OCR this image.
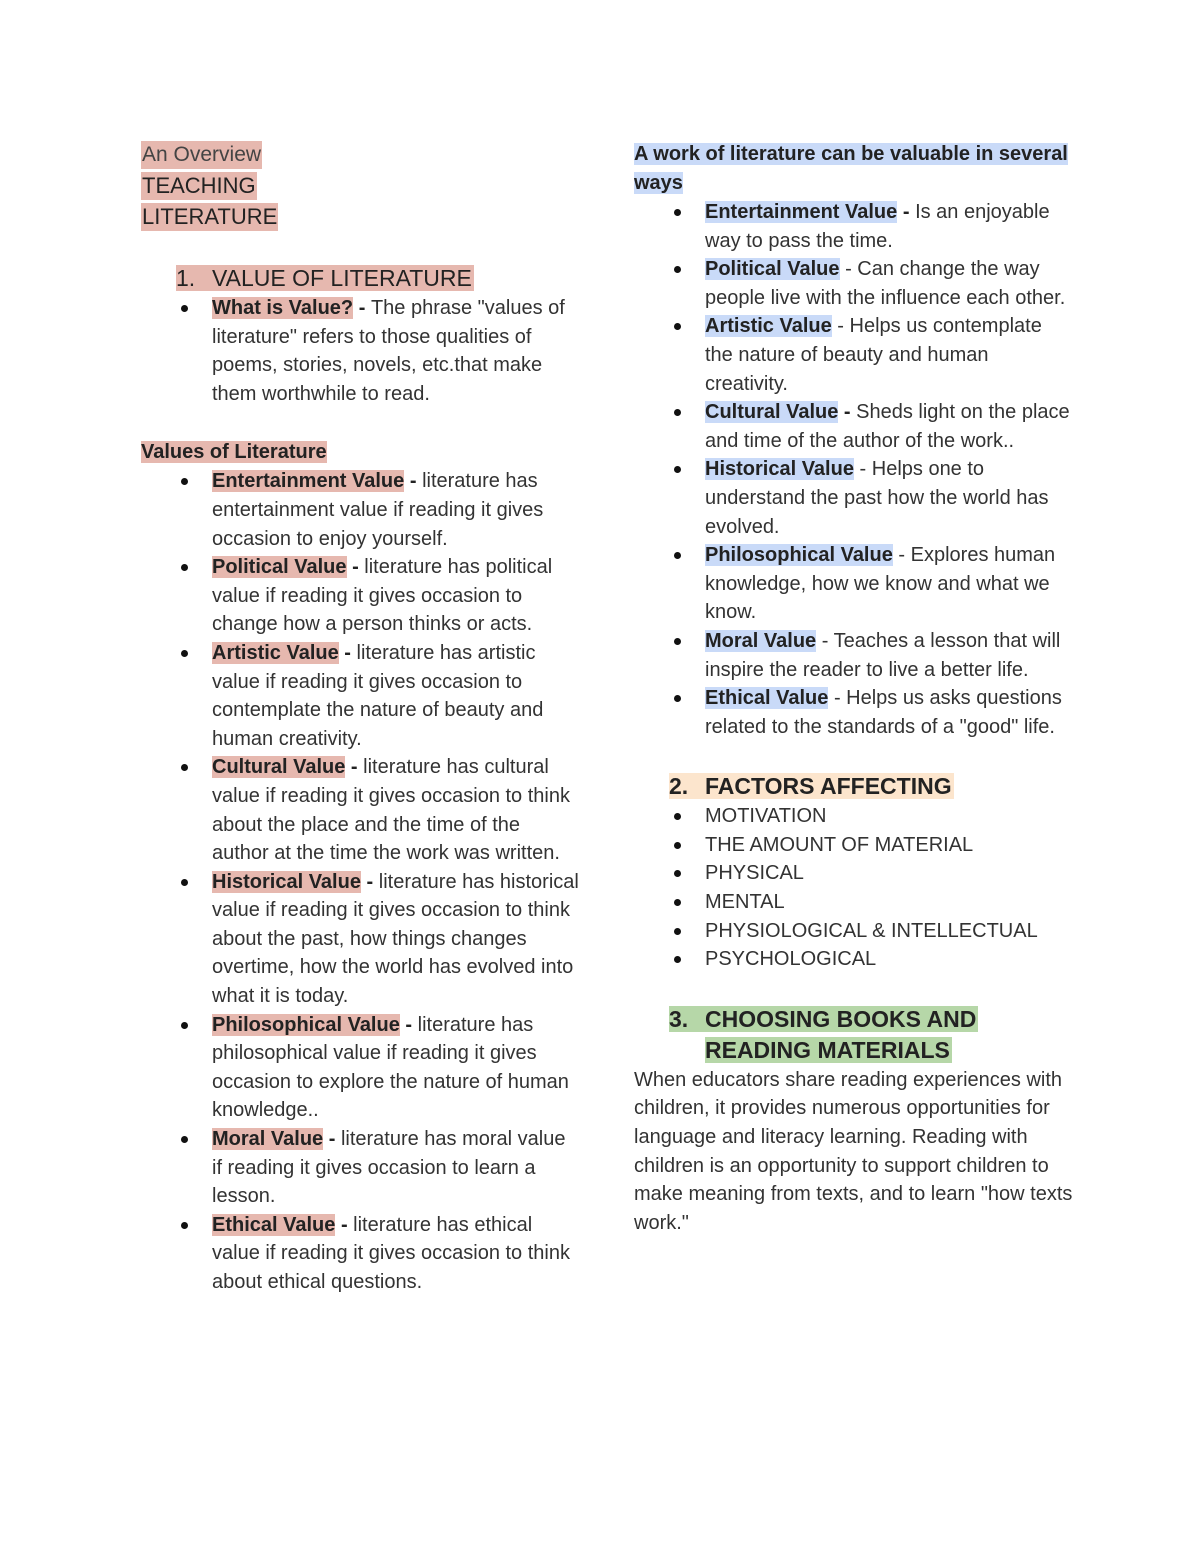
An Overview
TEACHING
LITERATURE
1. VALUE OF LITERATURE
What is Value? - The phrase "values of literature" refers to those qualities of poems, stories, novels, etc.that make them worthwhile to read.
Values of Literature
Entertainment Value - literature has entertainment value if reading it gives occasion to enjoy yourself.
Political Value - literature has political value if reading it gives occasion to change how a person thinks or acts.
Artistic Value - literature has artistic value if reading it gives occasion to contemplate the nature of beauty and human creativity.
Cultural Value - literature has cultural value if reading it gives occasion to think about the place and the time of the author at the time the work was written.
Historical Value - literature has historical value if reading it gives occasion to think about the past, how things changes overtime, how the world has evolved into what it is today.
Philosophical Value - literature has philosophical value if reading it gives occasion to explore the nature of human knowledge..
Moral Value - literature has moral value if reading it gives occasion to learn a lesson.
Ethical Value - literature has ethical value if reading it gives occasion to think about ethical questions.
A work of literature can be valuable in several ways
Entertainment Value - Is an enjoyable way to pass the time.
Political Value - Can change the way people live with the influence each other.
Artistic Value - Helps us contemplate the nature of beauty and human creativity.
Cultural Value - Sheds light on the place and time of the author of the work..
Historical Value - Helps one to understand the past how the world has evolved.
Philosophical Value - Explores human knowledge, how we know and what we know.
Moral Value - Teaches a lesson that will inspire the reader to live a better life.
Ethical Value - Helps us asks questions related to the standards of a "good" life.
2. FACTORS AFFECTING
MOTIVATION
THE AMOUNT OF MATERIAL
PHYSICAL
MENTAL
PHYSIOLOGICAL & INTELLECTUAL
PSYCHOLOGICAL
3. CHOOSING BOOKS AND
READING MATERIALS
When educators share reading experiences with children, it provides numerous opportunities for language and literacy learning. Reading with children is an opportunity to support children to make meaning from texts, and to learn "how texts work."
